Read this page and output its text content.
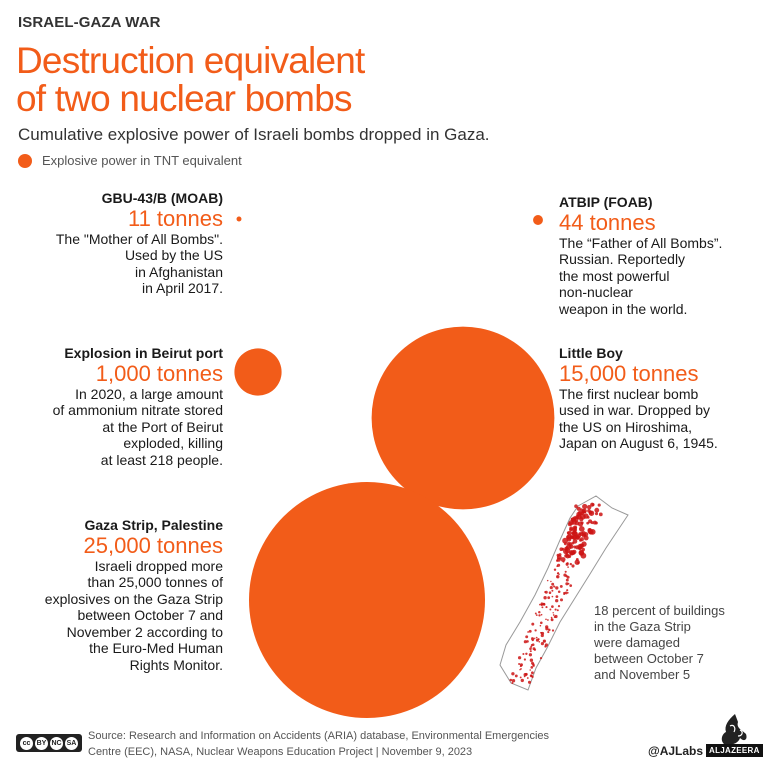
ISRAEL-GAZA WAR
Destruction equivalent
of two nuclear bombs
Cumulative explosive power of Israeli bombs dropped in Gaza.
Explosive power in TNT equivalent
GBU-43/B (MOAB)
11 tonnes
The "Mother of All Bombs".
Used by the US
in Afghanistan
in April 2017.
ATBIP (FOAB)
44 tonnes
The “Father of All Bombs”.
Russian. Reportedly
the most powerful
non-nuclear
weapon in the world.
Explosion in Beirut port
1,000 tonnes
In 2020, a large amount
of ammonium nitrate stored
at the Port of Beirut
exploded, killing
at least 218 people.
Little Boy
15,000 tonnes
The first nuclear bomb
used in war. Dropped by
the US on Hiroshima,
Japan on August 6, 1945.
Gaza Strip, Palestine
25,000 tonnes
Israeli dropped more
than 25,000 tonnes of
explosives on the Gaza Strip
between October 7 and
November 2 according to
the Euro-Med Human
Rights Monitor.
18 percent of buildings
in the Gaza Strip
were damaged
between October 7
and November 5
cc BY NC SA
Source: Research and Information on Accidents (ARIA) database, Environmental Emergencies Centre (EEC), NASA, Nuclear Weapons Education Project | November 9, 2023	@AJLabs ALJAZEERA
